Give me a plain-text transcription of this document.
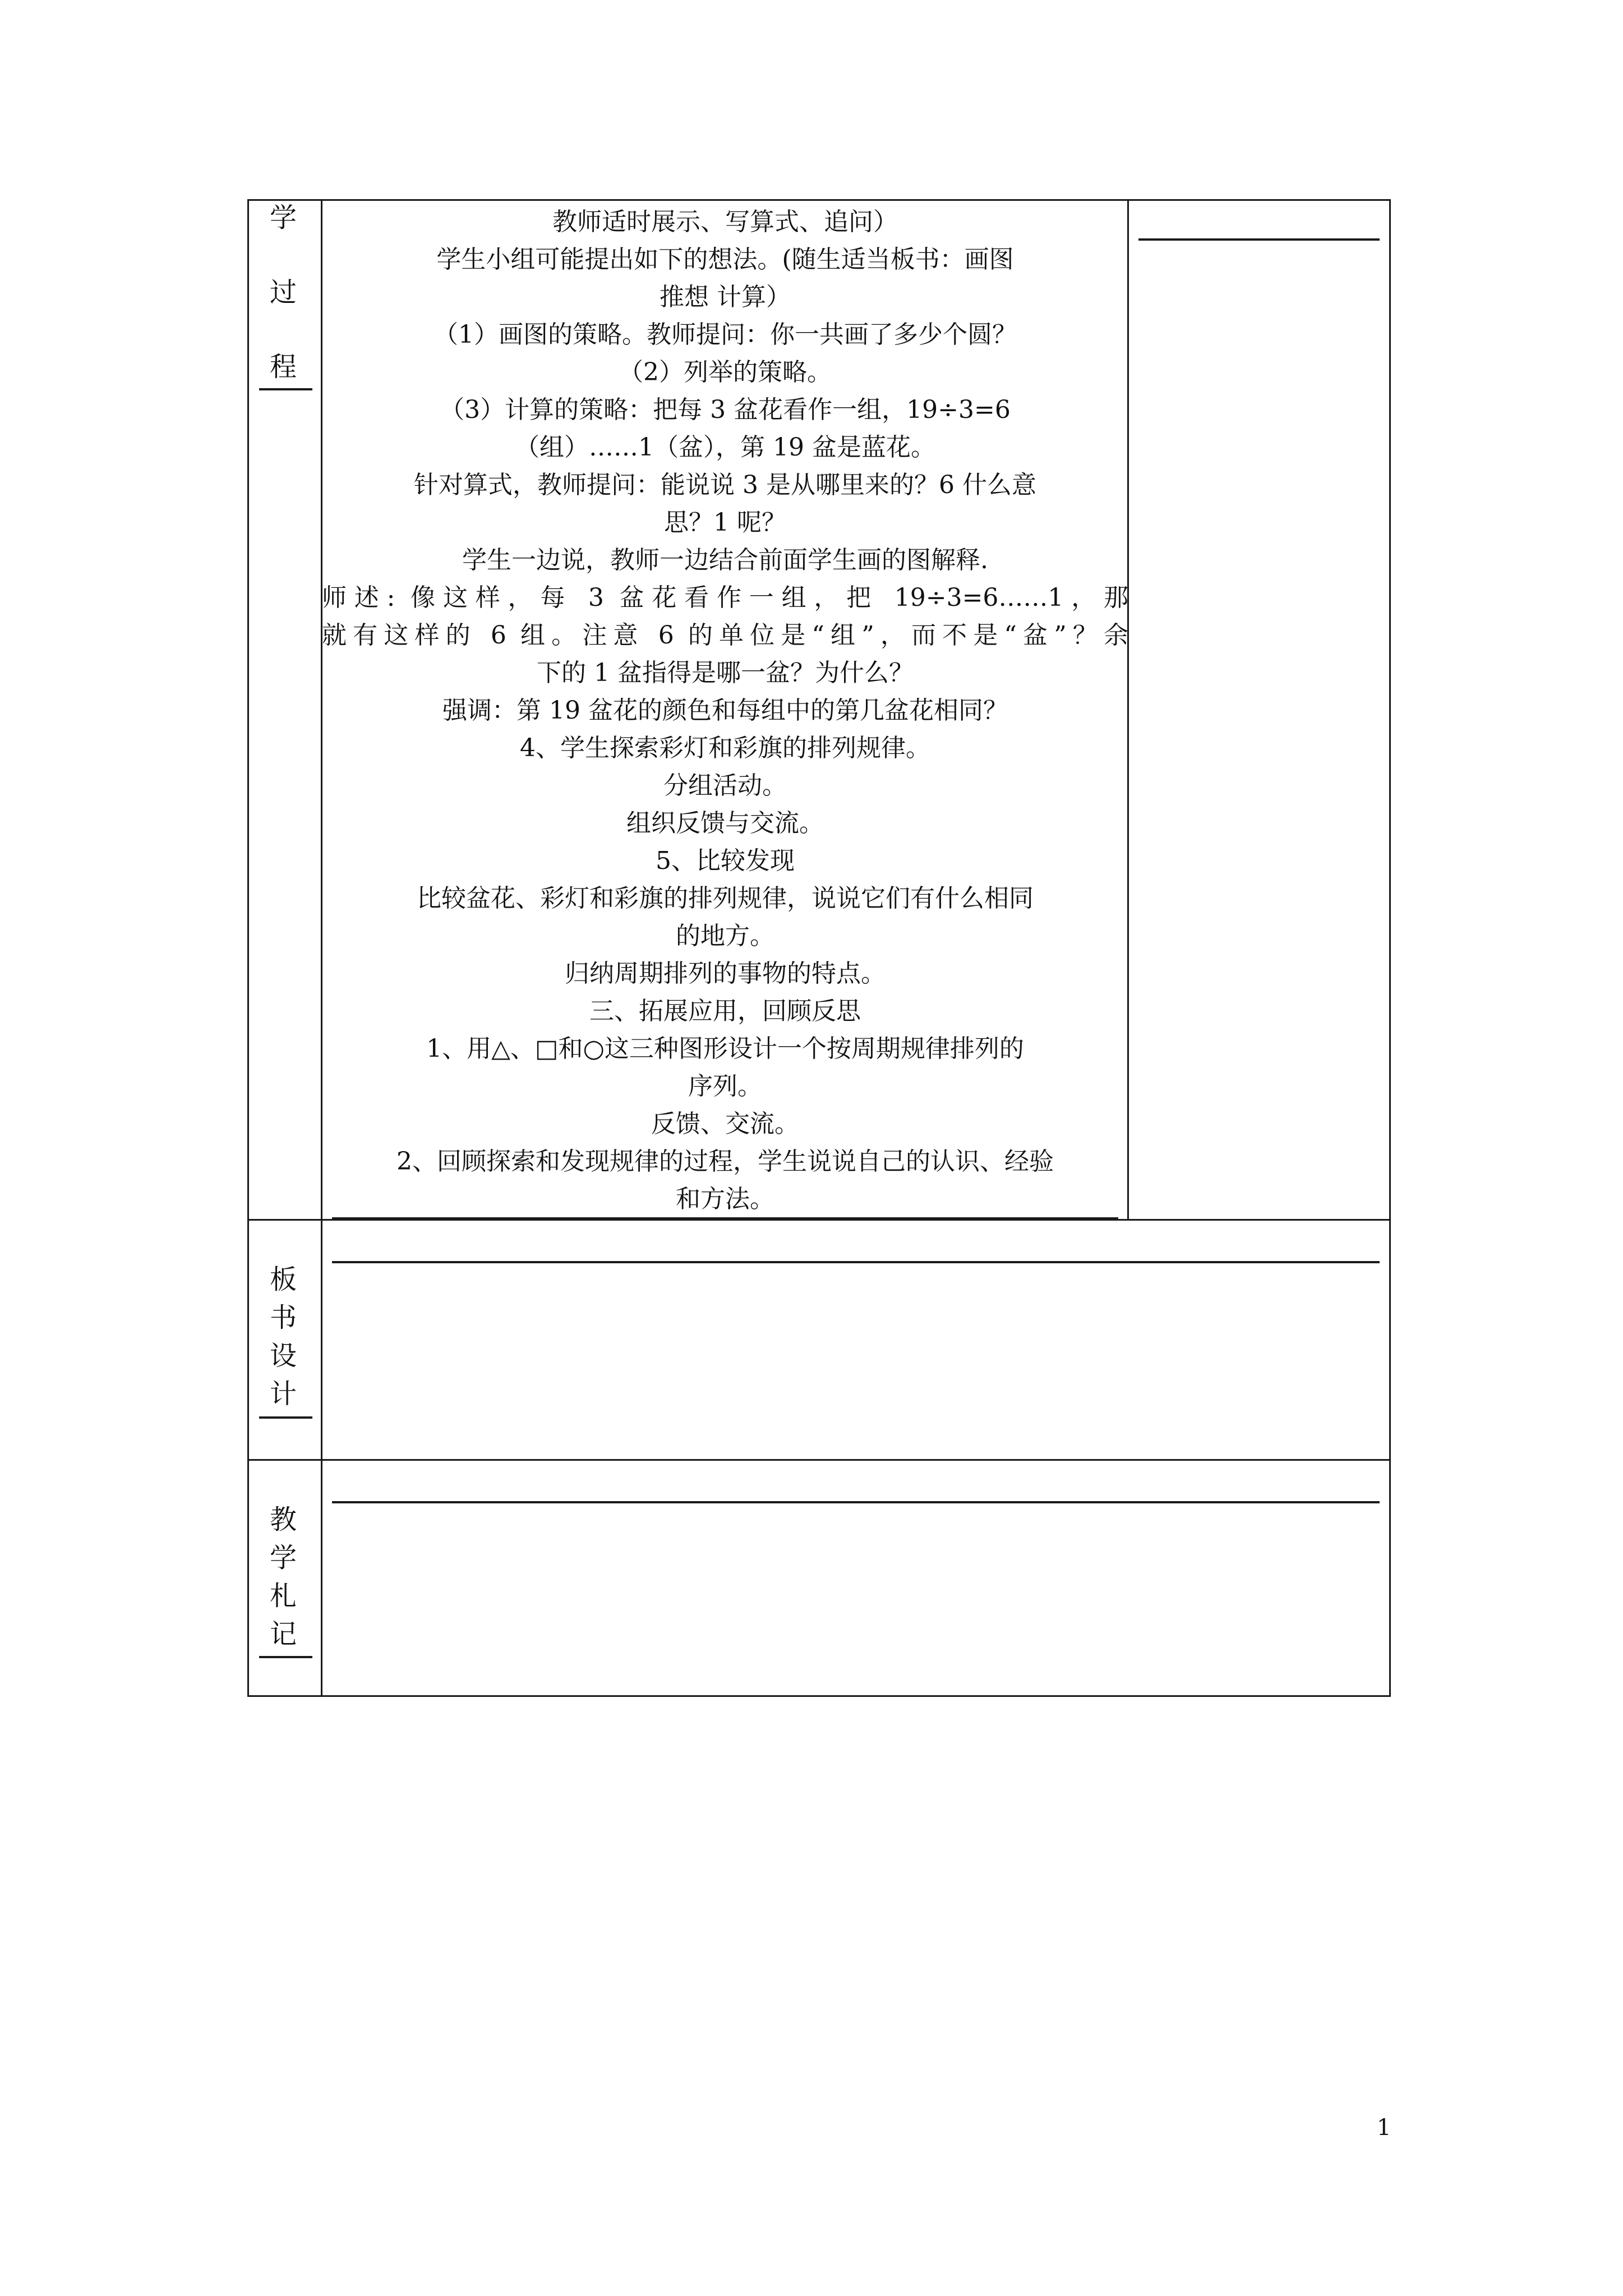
学
过
程
板
书
设
计
教
学
札
记

教师适时展示、写算式、追问）

学生小组可能提出如下的想法。(随生适当板书：画图

推想 计算）

（1）画图的策略。教师提问：你一共画了多少个圆？

（2）列举的策略。

（3）计算的策略：把每 3 盆花看作一组，19÷3=6

（组）……1（盆），第 19 盆是蓝花。

针对算式，教师提问：能说说 3 是从哪里来的？6 什么意

思？1 呢？

学生一边说，教师一边结合前面学生画的图解释.

师述: 像这样，每 3 盆花看作一组，把 19÷3=6……1，那

就有这样的 6 组。注意 6 的单位是“组”，而不是“盆”？余

下的 1 盆指得是哪一盆？为什么？

强调：第 19 盆花的颜色和每组中的第几盆花相同？

4、学生探索彩灯和彩旗的排列规律。

分组活动。

组织反馈与交流。

5、比较发现

比较盆花、彩灯和彩旗的排列规律，说说它们有什么相同

的地方。

归纳周期排列的事物的特点。

三、拓展应用，回顾反思

1、用△、□和○这三种图形设计一个按周期规律排列的

序列。

反馈、交流。

2、回顾探索和发现规律的过程，学生说说自己的认识、经验

和方法。

1
